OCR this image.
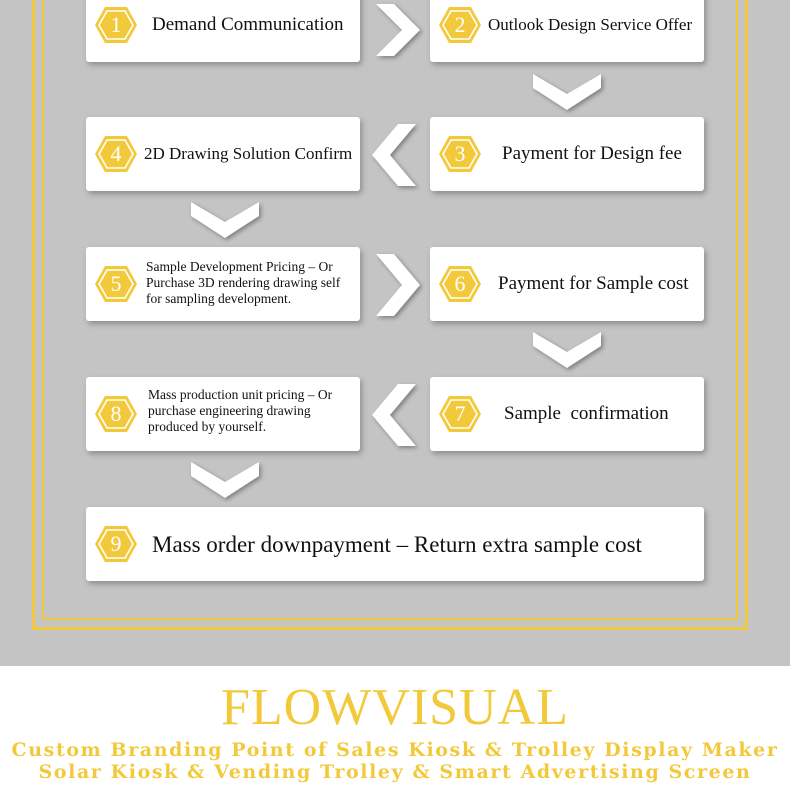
1	Demand Communication	2	Outlook Design Service Offer
4	2D Drawing Solution Confirm	3	Payment for Design fee
5
Sample Development Pricing – Or Purchase 3D rendering drawing self for sampling development.
6	Payment for Sample cost
8
Mass production unit pricing – Or purchase engineering drawing produced by yourself.
7	Sample  confirmation
9	Mass order downpayment – Return extra sample cost
FLOWVISUAL
Custom Branding Point of Sales Kiosk & Trolley Display Maker
Solar Kiosk & Vending Trolley & Smart Advertising Screen
